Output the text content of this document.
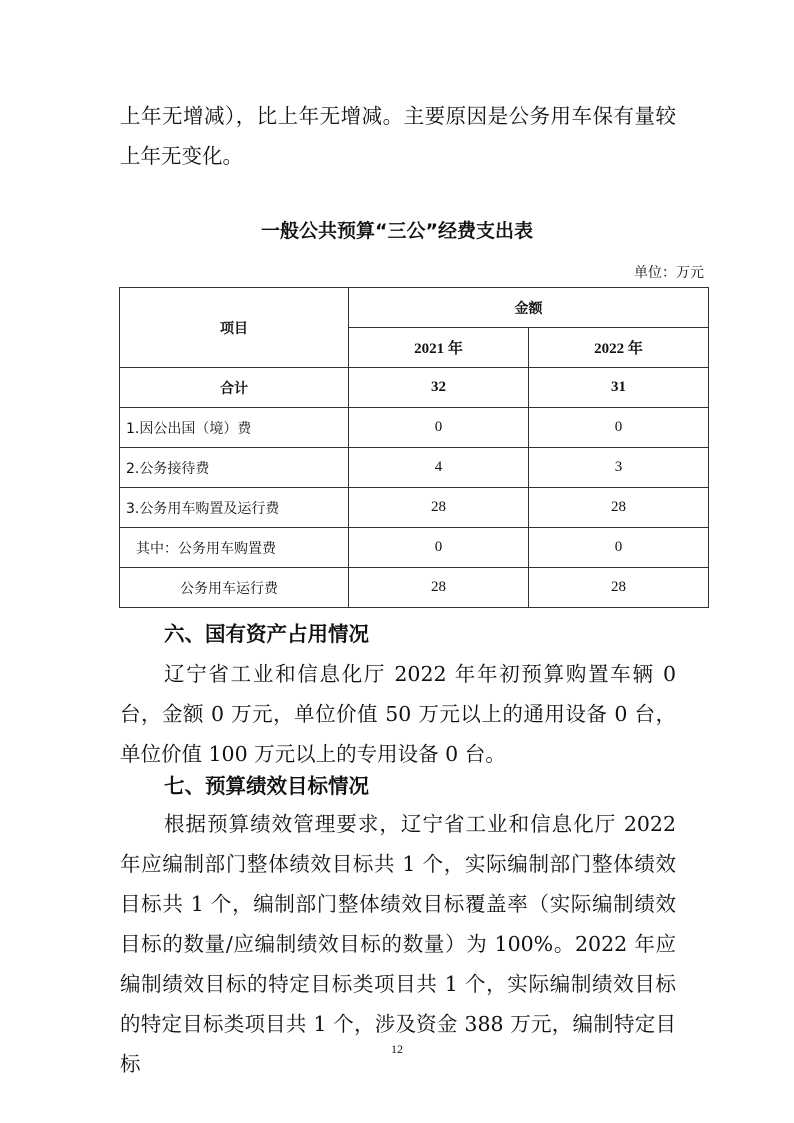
上年无增减），比上年无增减。主要原因是公务用车保有量较上年无变化。

一般公共预算“三公”经费支出表
单位：万元
项目	金额	
	2021 年	2022 年
合计	32	31
1.因公出国（境）费	0	0
2.公务接待费	4	3
3.公务用车购置及运行费	28	28
其中：公务用车购置费	0	0
公务用车运行费	28	28

六、国有资产占用情况

辽宁省工业和信息化厅 2022 年年初预算购置车辆 0 台，金额 0 万元，单位价值 50 万元以上的通用设备 0 台，单位价值 100 万元以上的专用设备 0 台。

七、预算绩效目标情况

根据预算绩效管理要求，辽宁省工业和信息化厅 2022 年应编制部门整体绩效目标共 1 个，实际编制部门整体绩效目标共 1 个，编制部门整体绩效目标覆盖率（实际编制绩效目标的数量/应编制绩效目标的数量）为 100%。2022 年应编制绩效目标的特定目标类项目共 1 个，实际编制绩效目标的特定目标类项目共 1 个，涉及资金 388 万元，编制特定目标

12
